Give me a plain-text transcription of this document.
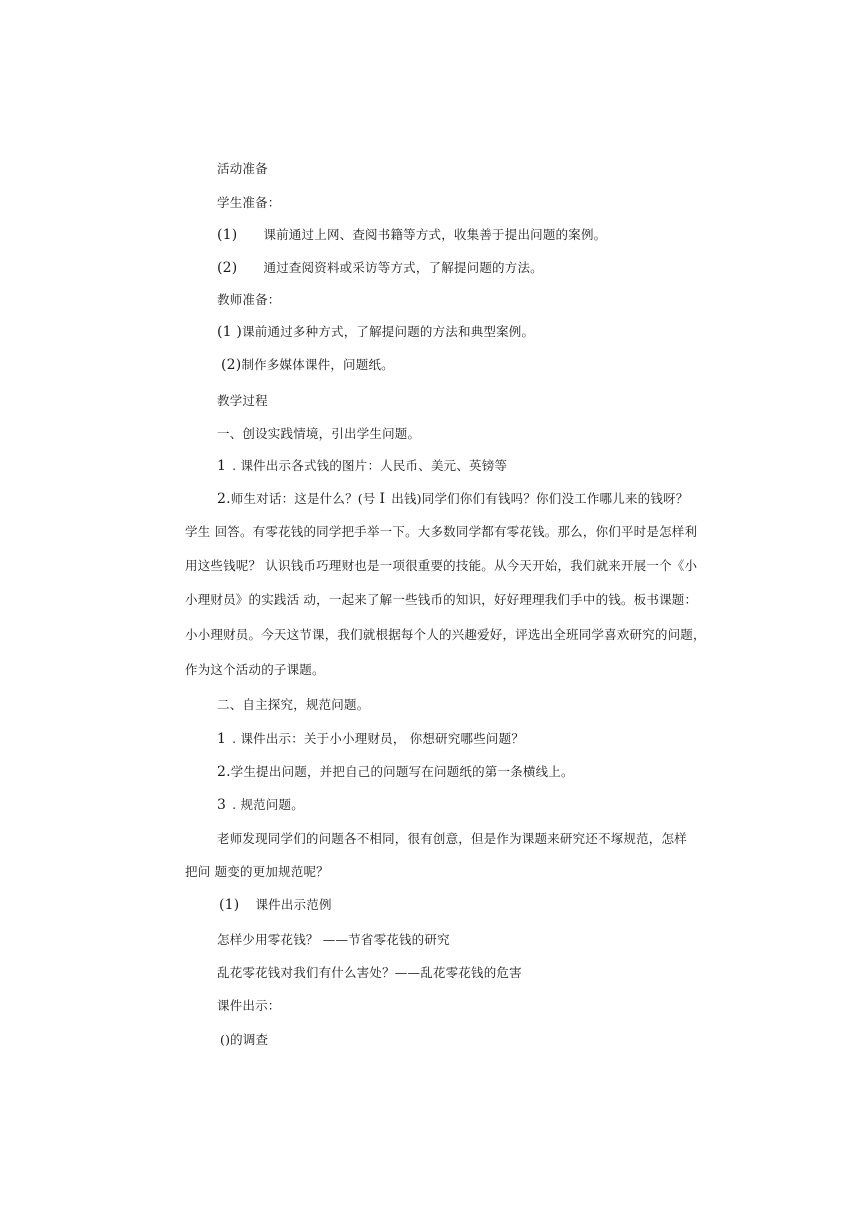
活动准备
学生准备：
(1) 课前通过上网、查阅书籍等方式，收集善于提出问题的案例。
(2) 通过查阅资料或采访等方式，了解提问题的方法。
教师准备：
(1 )课前通过多种方式，了解提问题的方法和典型案例。
(2)制作多媒体课件，问题纸。
教学过程
一、创设实践情境，引出学生问题。
1 . 课件出示各式钱的图片：人民币、美元、英镑等
2.师生对话：这是什么？(号 I 出钱)同学们你们有钱吗？你们没工作哪儿来的钱呀？
学生 回答。有零花钱的同学把手举一下。大多数同学都有零花钱。那么，你们平时是怎样利
用这些钱呢？ 认识钱币巧理财也是一项很重要的技能。从今天开始，我们就来开展一个《小
小理财员》的实践活 动，一起来了解一些钱币的知识，好好理理我们手中的钱。板书课题：
小小理财员。今天这节课，我们就根据每个人的兴趣爱好，评选出全班同学喜欢研究的问题，
作为这个活动的子课题。
二、自主探究，规范问题。
1 . 课件出示：关于小小理财员， 你想研究哪些问题？
2.学生提出问题，并把自己的问题写在问题纸的第一条横线上。
3 . 规范问题。
老师发现同学们的问题各不相同，很有创意，但是作为课题来研究还不塚规范，怎样
把问 题变的更加规范呢？
(1) 课件出示范例
怎样少用零花钱？ ——节省零花钱的研究
乱花零花钱对我们有什么害处？——乱花零花钱的危害
课件出示：
()的调查
